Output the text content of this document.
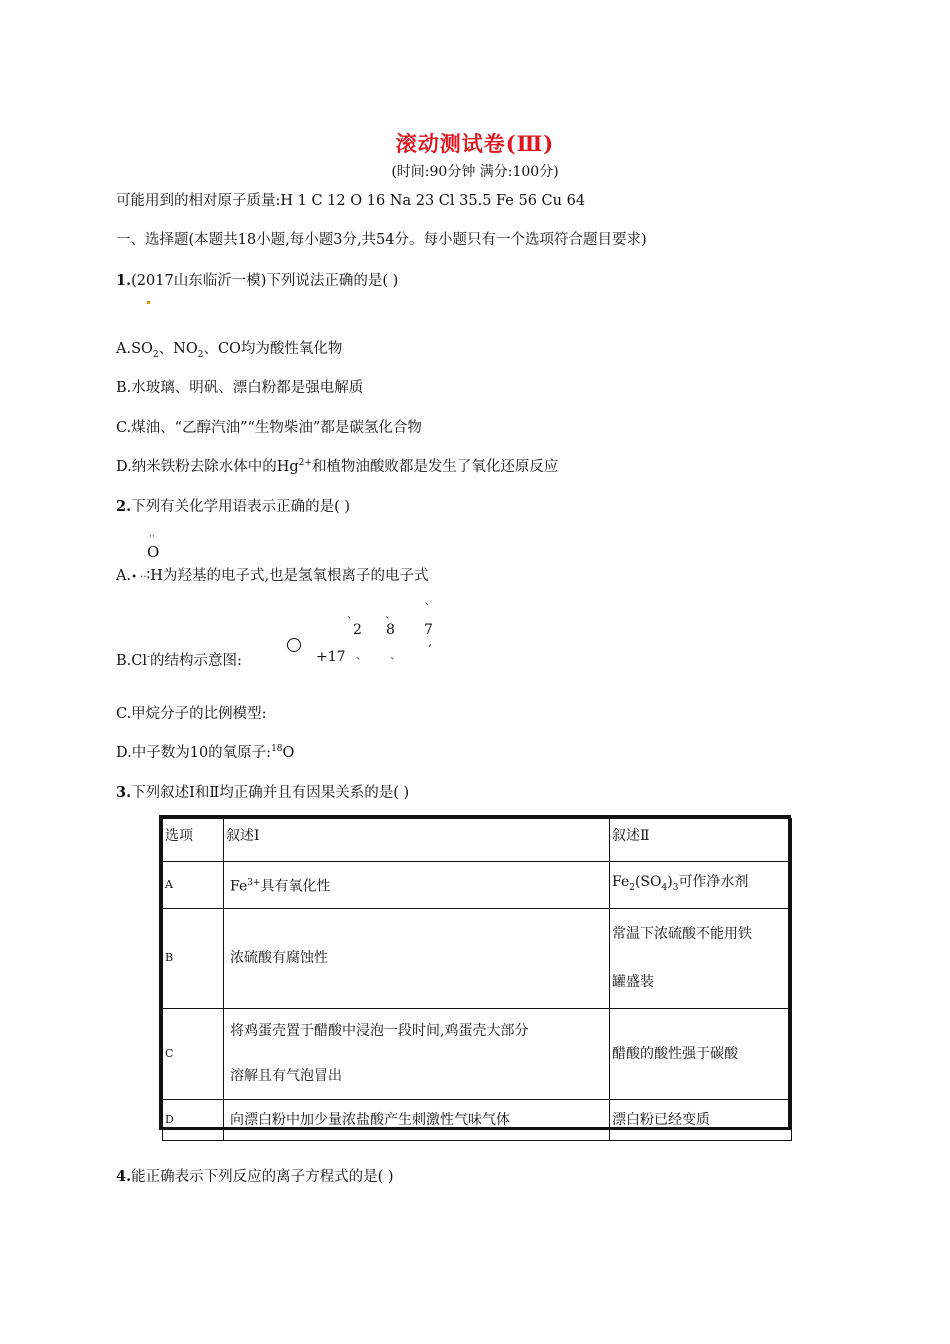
滚动测试卷(Ⅲ)
(时间:90分钟 满分:100分)
可能用到的相对原子质量:H 1 C 12 O 16 Na 23 Cl 35.5 Fe 56 Cu 64
一、选择题(本题共18小题,每小题3分,共54分。每小题只有一个选项符合题目要求)
1.(2017山东临沂一模)下列说法正确的是( )
$A.SO_2$、$NO_2$、CO均为酸性氧化物
B.水玻璃、明矾、漂白粉都是强电解质
C.煤油、“乙醇汽油”“生物柴油”都是碳氢化合物
D.纳米铁粉去除水体中的$Hg^{2+}$和植物油酸败都是发生了氧化还原反应
2.下列有关化学用语表示正确的是( )
··
O
A.• ··∶H为羟基的电子式,也是氢氧根离子的电子式
ˎ	ˎ	ˋ
2 8 7
+17 ˏ ˏ ˊ
B.Cl-的结构示意图:
C.甲烷分子的比例模型:
D.中子数为10的氧原子:$^{18}$O
3.下列叙述Ⅰ和Ⅱ均正确并且有因果关系的是( )
选项	叙述Ⅰ	叙述Ⅱ
A	$Fe^{3+}$具有氧化性	$Fe_2(SO_4)_3$可作净水剂
B	浓硫酸有腐蚀性	常温下浓硫酸不能用铁
罐盛装

C	将鸡蛋壳置于醋酸中浸泡一段时间,鸡蛋壳大部分
溶解且有气泡冒出	醋酸的酸性强于碳酸
D	向漂白粉中加少量浓盐酸产生刺激性气味气体	漂白粉已经变质
4.能正确表示下列反应的离子方程式的是( )
